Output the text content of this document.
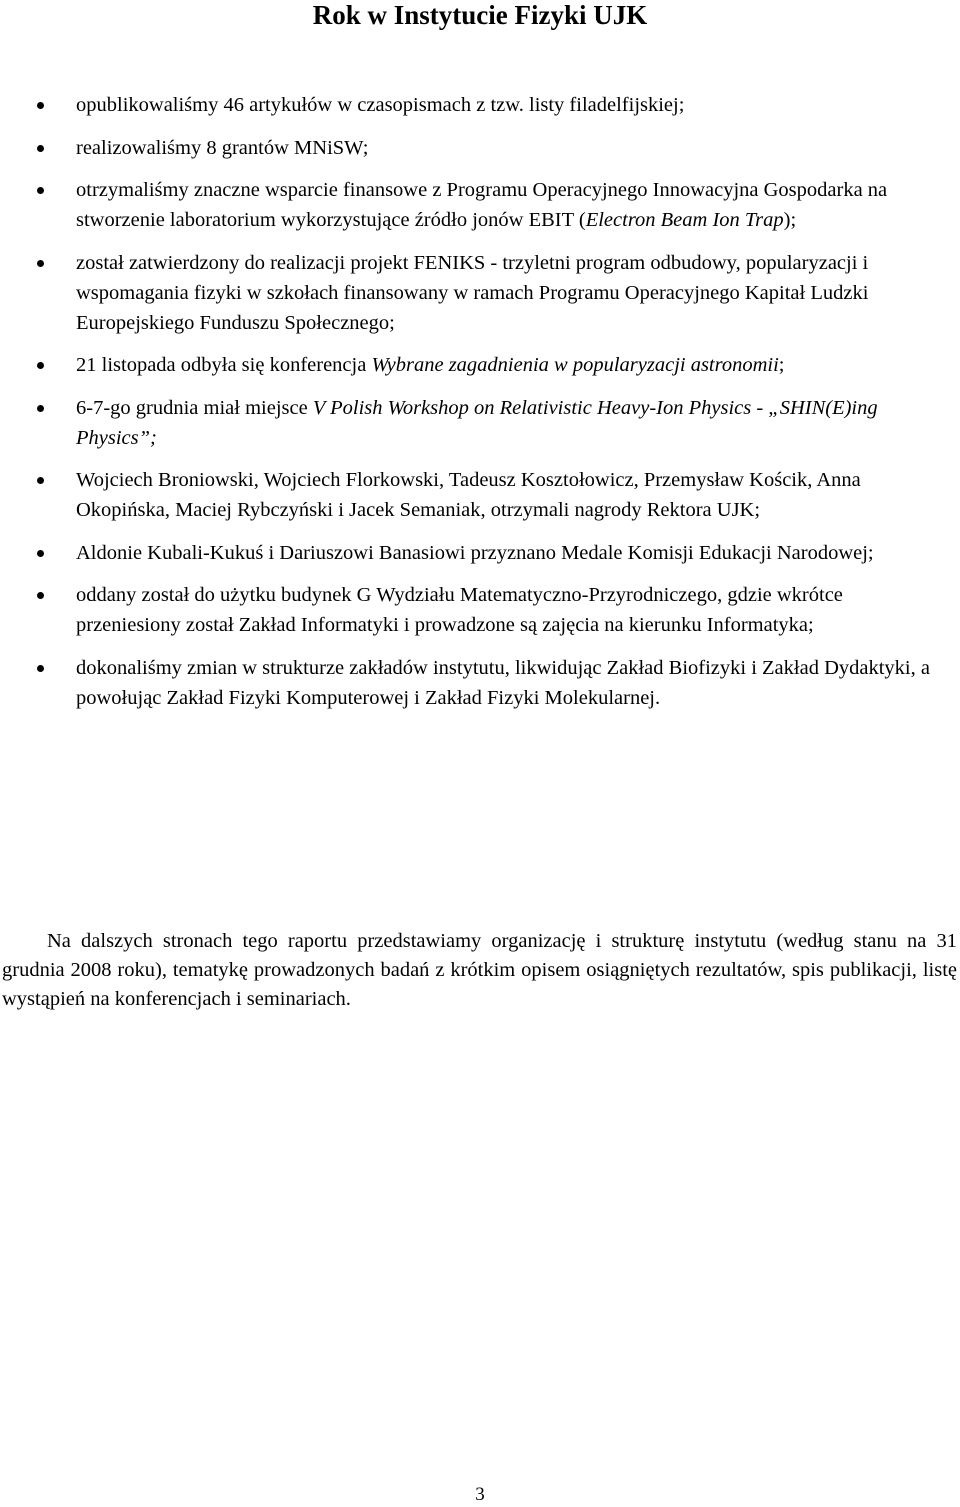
Rok w Instytucie Fizyki UJK
opublikowaliśmy 46 artykułów w czasopismach z tzw. listy filadelfijskiej;
realizowaliśmy 8 grantów MNiSW;
otrzymaliśmy znaczne wsparcie finansowe z Programu Operacyjnego Innowacyjna Gospodarka na stworzenie laboratorium wykorzystujące źródło jonów EBIT (Electron Beam Ion Trap);
został zatwierdzony do realizacji projekt FENIKS - trzyletni program odbudowy, popularyzacji i wspomagania fizyki w szkołach finansowany w ramach Programu Operacyjnego Kapitał Ludzki Europejskiego Funduszu Społecznego;
21 listopada odbyła się konferencja Wybrane zagadnienia w popularyzacji astronomii;
6-7-go grudnia miał miejsce V Polish Workshop on Relativistic Heavy-Ion Physics - „SHIN(E)ing Physics”;
Wojciech Broniowski, Wojciech Florkowski, Tadeusz Kosztołowicz, Przemysław Kościk, Anna Okopińska, Maciej Rybczyński i Jacek Semaniak, otrzymali nagrody Rektora UJK;
Aldonie Kubali-Kukuś i Dariuszowi Banasiowi przyznano Medale Komisji Edukacji Narodowej;
oddany został do użytku budynek G Wydziału Matematyczno-Przyrodniczego, gdzie wkrótce przeniesiony został Zakład Informatyki i prowadzone są zajęcia na kierunku Informatyka;
dokonaliśmy zmian w strukturze zakładów instytutu, likwidując Zakład Biofizyki i Zakład Dydaktyki, a powołując Zakład Fizyki Komputerowej i Zakład Fizyki Molekularnej.

Na dalszych stronach tego raportu przedstawiamy organizację i strukturę instytutu (według stanu na 31 grudnia 2008 roku), tematykę prowadzonych badań z krótkim opisem osiągniętych rezultatów, spis publikacji, listę wystąpień na konferencjach i seminariach.

3
